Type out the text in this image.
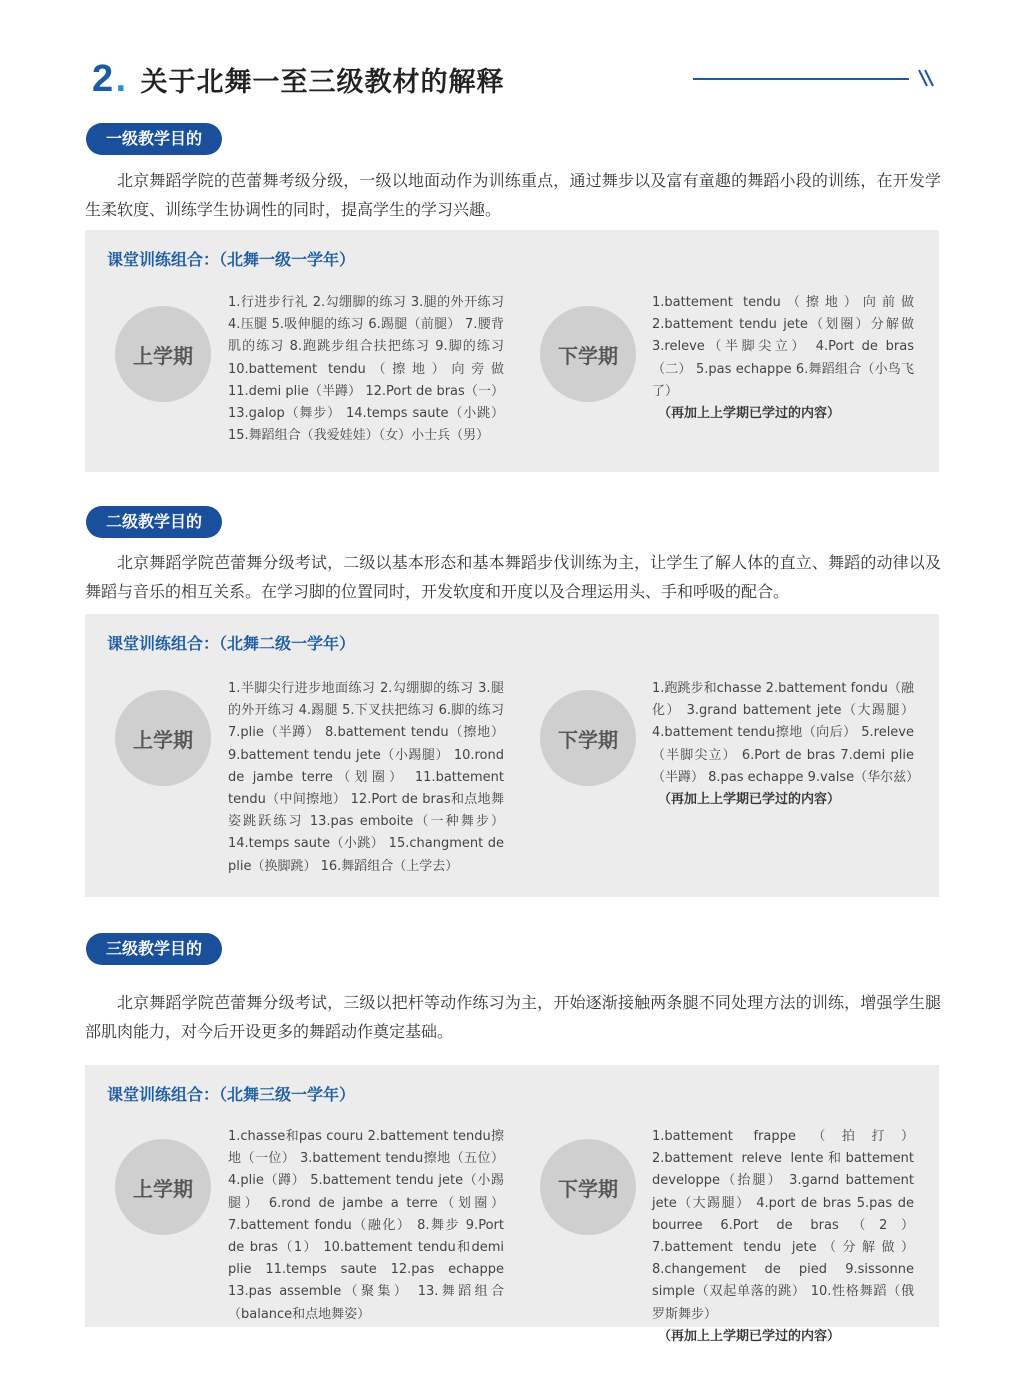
2 . 关于北舞一至三级教材的解释
一级教学目的

北京舞蹈学院的芭蕾舞考级分级，一级以地面动作为训练重点，通过舞步以及富有童趣的舞蹈小段的训练，在开发学生柔软度、训练学生协调性的同时，提高学生的学习兴趣。

课堂训练组合：（北舞一级一学年）
上学期

1.行进步行礼 2.勾绷脚的练习 3.腿的外开练习 4.压腿 5.吸伸腿的练习 6.踢腿（前腿） 7.腰背肌的练习 8.跑跳步组合扶把练习 9.脚的练习 10.battement tendu（擦地）向旁做 11.demi plie（半蹲） 12.Port de bras（一） 13.galop（舞步） 14.temps saute（小跳） 15.舞蹈组合（我爱娃娃）（女）小士兵（男）

下学期
1.battement tendu（擦地）向前做 2.battement tendu jete（划圈）分解做 3.releve（半脚尖立） 4.Port de bras（二） 5.pas echappe 6.舞蹈组合（小鸟飞了）
（再加上上学期已学过的内容）
二级教学目的

北京舞蹈学院芭蕾舞分级考试，二级以基本形态和基本舞蹈步伐训练为主，让学生了解人体的直立、舞蹈的动律以及舞蹈与音乐的相互关系。在学习脚的位置同时，开发软度和开度以及合理运用头、手和呼吸的配合。

课堂训练组合：（北舞二级一学年）
上学期

1.半脚尖行进步地面练习 2.勾绷脚的练习 3.腿的外开练习 4.踢腿 5.下叉扶把练习 6.脚的练习 7.plie（半蹲） 8.battement tendu（擦地） 9.battement tendu jete（小踢腿） 10.rond de jambe terre（划圈） 11.battement tendu（中间擦地） 12.Port de bras和点地舞姿跳跃练习 13.pas emboite（一种舞步） 14.temps saute（小跳） 15.changment de plie（换脚跳） 16.舞蹈组合（上学去）

下学期
1.跑跳步和chasse 2.battement fondu（融化） 3.grand battement jete（大踢腿） 4.battement tendu擦地（向后） 5.releve（半脚尖立） 6.Port de bras 7.demi plie（半蹲） 8.pas echappe 9.valse（华尔兹）
（再加上上学期已学过的内容）
三级教学目的

北京舞蹈学院芭蕾舞分级考试，三级以把杆等动作练习为主，开始逐渐接触两条腿不同处理方法的训练，增强学生腿部肌肉能力，对今后开设更多的舞蹈动作奠定基础。

课堂训练组合：（北舞三级一学年）
上学期

1.chasse和pas couru 2.battement tendu擦地（一位） 3.battement tendu擦地（五位） 4.plie（蹲） 5.battement tendu jete（小踢腿） 6.rond de jambe a terre（划圈） 7.battement fondu（融化） 8.舞步 9.Port de bras（1） 10.battement tendu和demi plie 11.temps saute 12.pas echappe 13.pas assemble（聚集） 13.舞蹈组合（balance和点地舞姿）

下学期
1.battement frappe（拍打） 2.battement releve lente和battement developpe（抬腿） 3.garnd battement jete（大踢腿） 4.port de bras 5.pas de bourree 6.Port de bras（2） 7.battement tendu jete（分解做） 8.changement de pied 9.sissonne simple（双起单落的跳） 10.性格舞蹈（俄罗斯舞步）
（再加上上学期已学过的内容）
